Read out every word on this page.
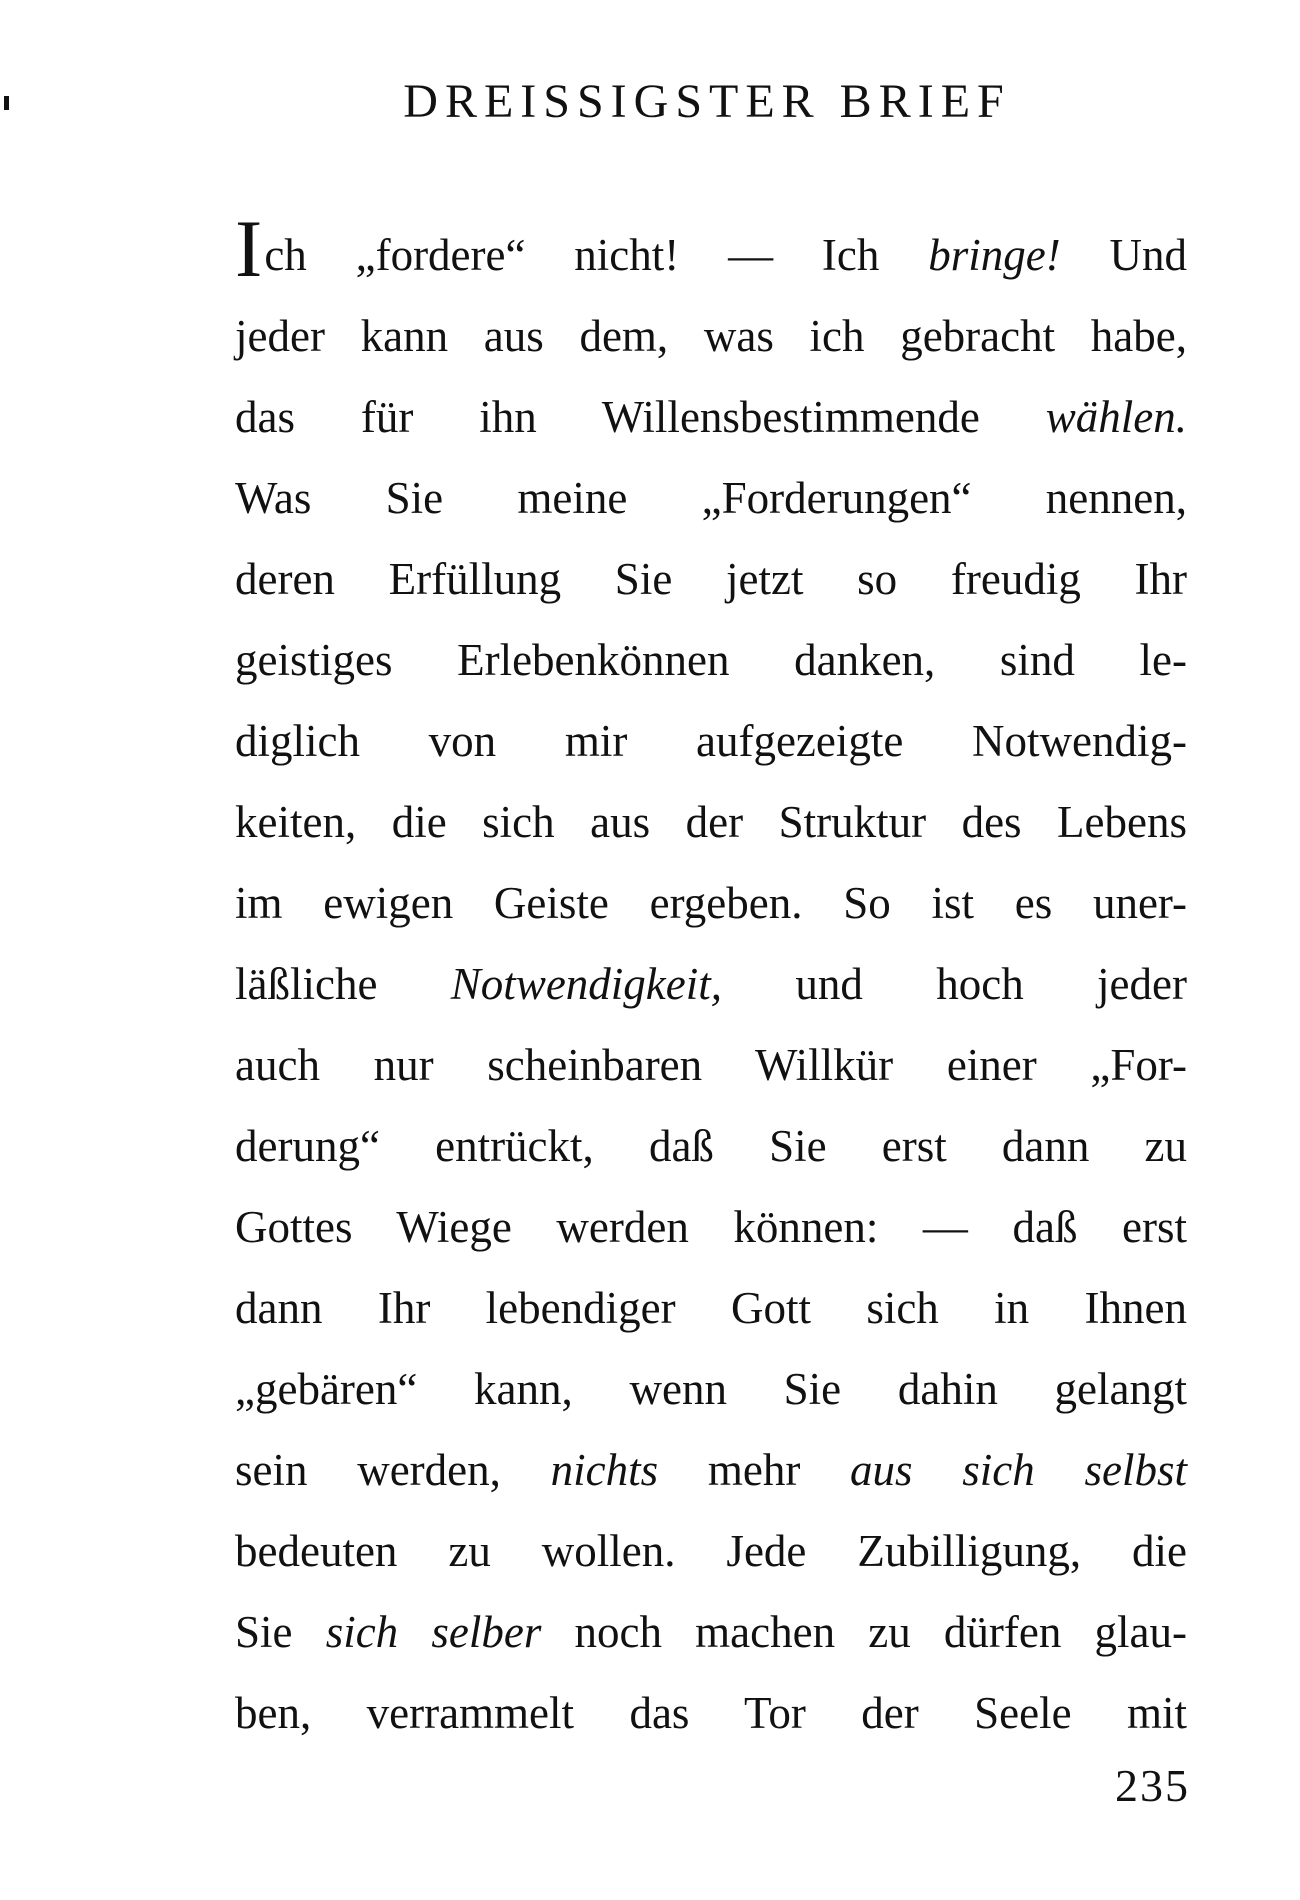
DREISSIGSTER BRIEF
Ich „fordere“ nicht! — Ich bringe! Und
jeder kann aus dem, was ich gebracht habe,
das für ihn Willensbestimmende wählen.
Was Sie meine „Forderungen“ nennen,
deren Erfüllung Sie jetzt so freudig Ihr
geistiges Erlebenkönnen danken, sind le-
diglich von mir aufgezeigte Notwendig-
keiten, die sich aus der Struktur des Lebens
im ewigen Geiste ergeben. So ist es uner-
läßliche Notwendigkeit, und hoch jeder
auch nur scheinbaren Willkür einer „For-
derung“ entrückt, daß Sie erst dann zu
Gottes Wiege werden können: — daß erst
dann Ihr lebendiger Gott sich in Ihnen
„gebären“ kann, wenn Sie dahin gelangt
sein werden, nichts mehr aus sich selbst
bedeuten zu wollen. Jede Zubilligung, die
Sie sich selber noch machen zu dürfen glau-
ben, verrammelt das Tor der Seele mit
235
